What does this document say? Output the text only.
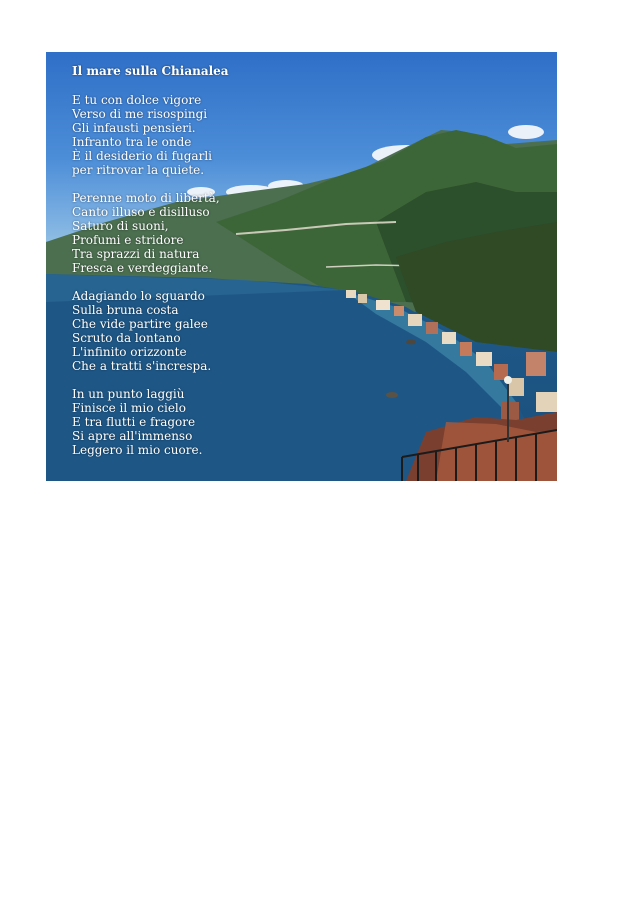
Il mare sulla Chianalea
E tu con dolce vigore
Verso di me risospingi
Gli infausti pensieri.
Infranto tra le onde
È il desiderio di fugarli
per ritrovar la quiete.
Perenne moto di libertà,
Canto illuso e disilluso
Saturo di suoni,
Profumi e stridore
Tra sprazzi di natura
Fresca e verdeggiante.
Adagiando lo sguardo
Sulla bruna costa
Che vide partire galee
Scruto da lontano
L'infinito orizzonte
Che a tratti s'increspa.
In un punto laggiù
Finisce il mio cielo
E tra flutti e fragore
Si apre all'immenso
Leggero il mio cuore.
